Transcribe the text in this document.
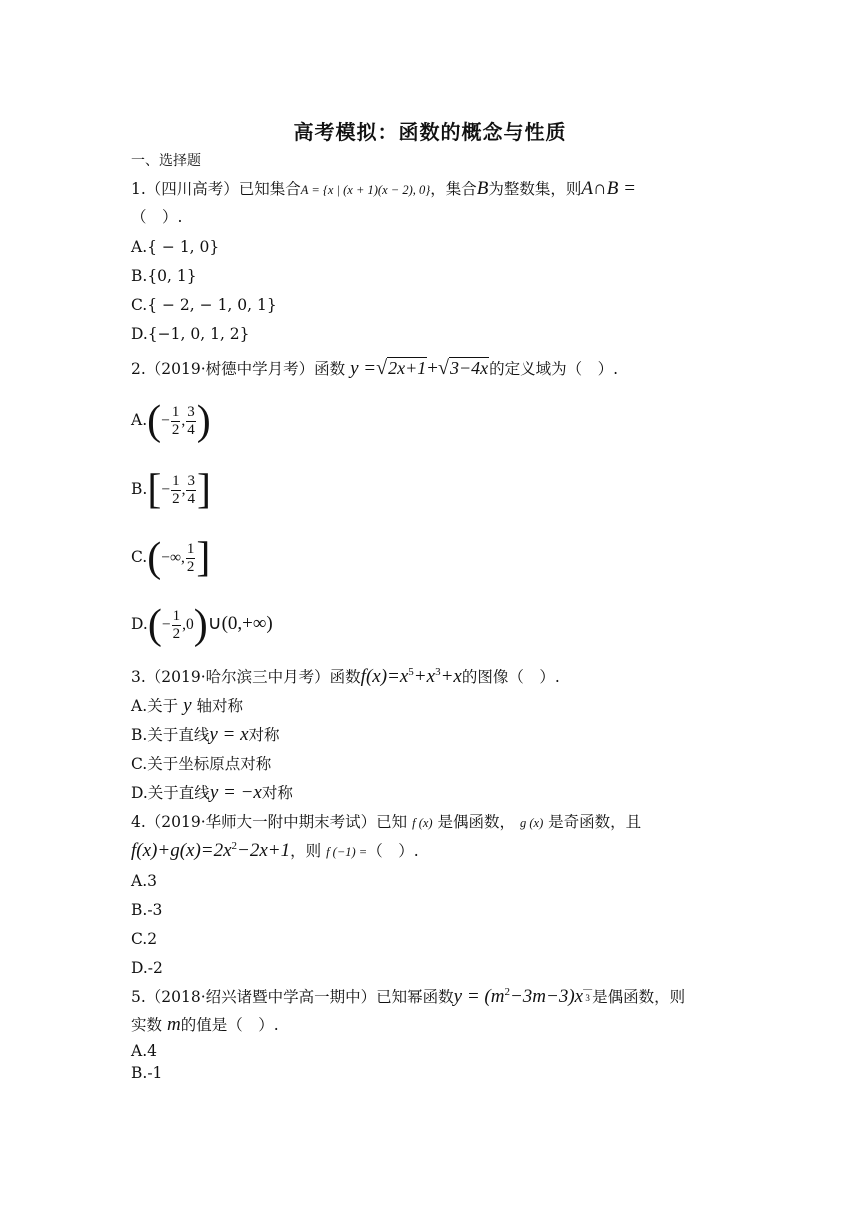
高考模拟：函数的概念与性质
一、选择题
1.（四川高考）已知集合A = {x | (x + 1)(x − 2), 0}，集合B为整数集，则A∩B =
（　）.
A.{ − 1, 0}
B.{0, 1}
C.{ − 2, − 1, 0, 1}
D.{−1, 0, 1, 2}
2.（2019·树德中学月考）函数 y =√2x+1+√3−4x的定义域为（　）.
$A.(- \frac{1}{2}$ , $\frac{3}{4}$ )
$B.[- \frac{1}{2}$ , $\frac{3}{4}$ ]
C.(−∞, $\frac{1}{2}$ ]
$D.(- \frac{1}{2}$ ,0)∪(0,+∞)
3.（2019·哈尔滨三中月考）函数$f(x)=x^5+x^3+x$的图像（　）.
A.关于 y 轴对称
B.关于直线y = x对称
C.关于坐标原点对称
D.关于直线y = −x对称
4.（2019·华师大一附中期末考试）已知 f (x) 是偶函数， g (x) 是奇函数，且
$f(x)+g(x)=2x^2-2x+1$，则 f (−1) =（　）.
A.3
B.-3
C.2
D.-2
5.（2018·绍兴诸暨中学高一期中）已知幂函数$y = (m^2-3m-3)x$ —
3 是偶函数，则
实数 m的值是（　）.
A.4
B.-1
